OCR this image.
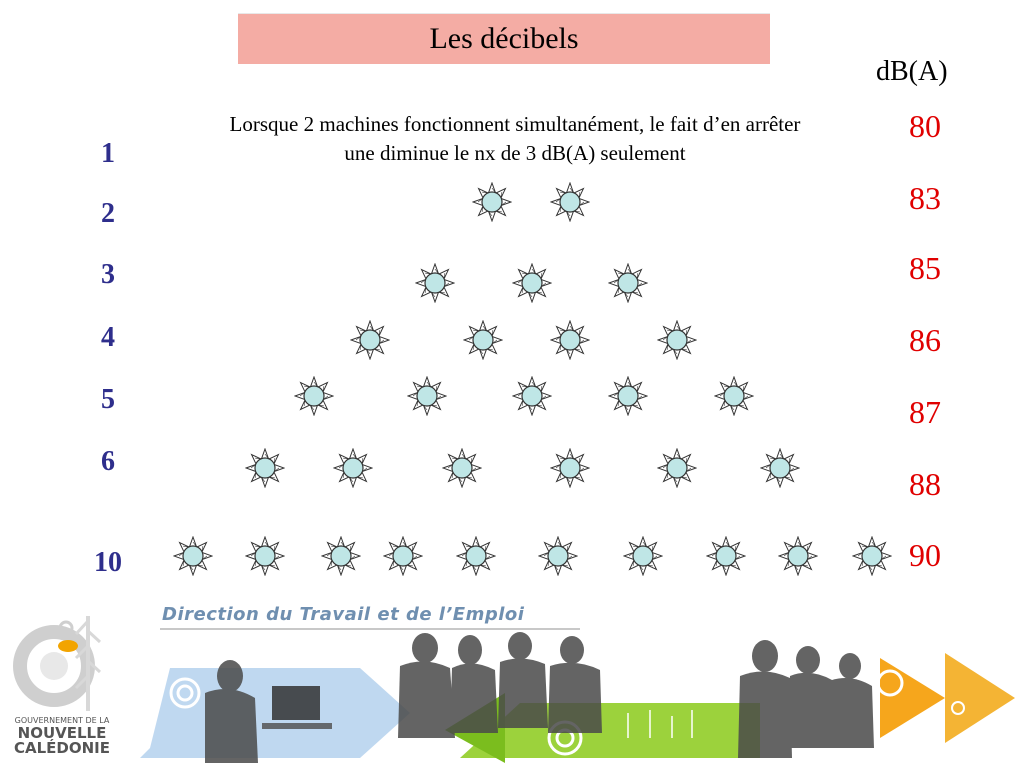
Les décibels
dB(A)
Lorsque 2 machines fonctionnent simultanément, le fait d’en arrêter une diminue le nx de 3 dB(A) seulement
1
2
3
4
5
6
10
80
83
85
86
87
88
90
Direction du Travail et de l’Emploi
GOUVERNEMENT DE LA
NOUVELLE
CALÉDONIE
